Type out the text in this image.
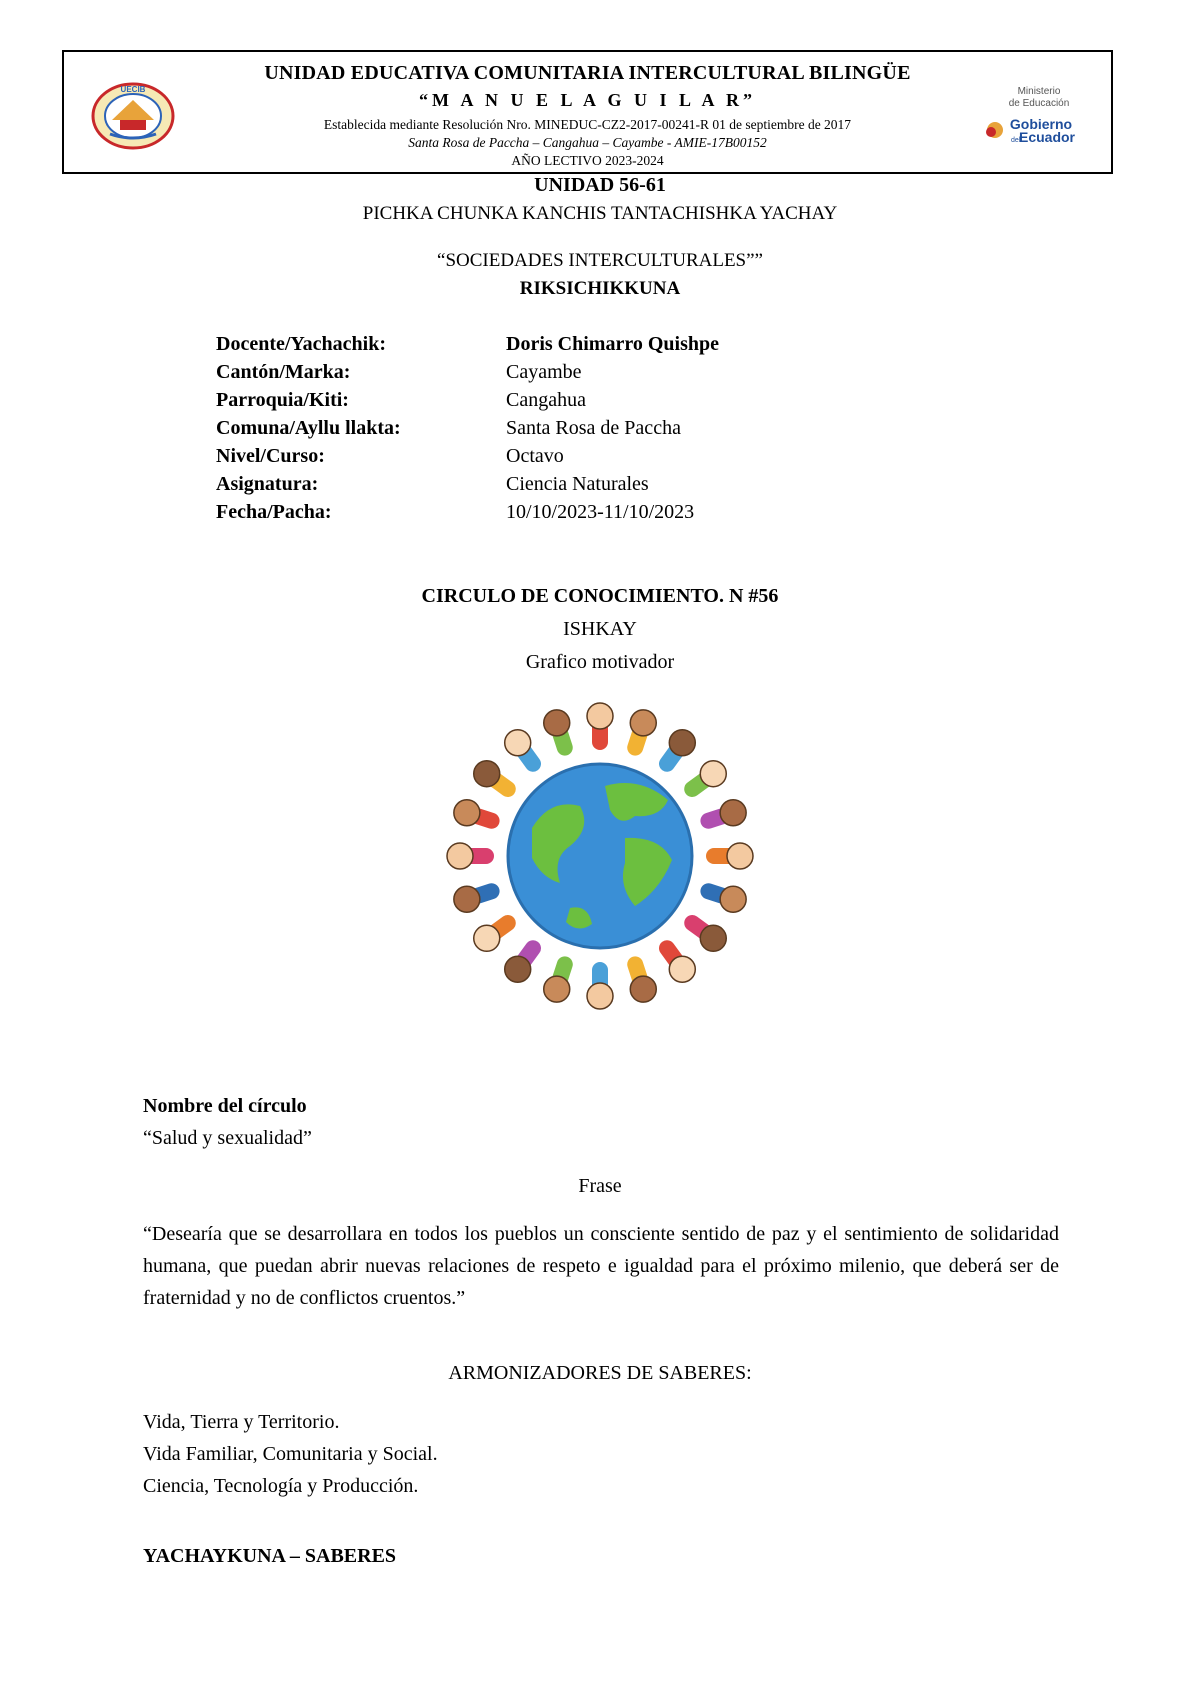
UECIB
UNIDAD EDUCATIVA COMUNITARIA INTERCULTURAL BILINGÜE
“M A N U E L A G U I L A R”
Establecida mediante Resolución Nro. MINEDUC-CZ2-2017-00241-R 01 de septiembre de 2017
Santa Rosa de Paccha – Cangahua – Cayambe - AMIE-17B00152
AÑO LECTIVO 2023-2024
Ministerio
de Educación
Gobierno
del
Ecuador
UNIDAD 56-61
PICHKA CHUNKA KANCHIS TANTACHISHKA YACHAY
“SOCIEDADES INTERCULTURALES””
RIKSICHIKKUNA
Docente/Yachachik:	Doris Chimarro Quishpe
Cantón/Marka:	Cayambe
Parroquia/Kiti:	Cangahua
Comuna/Ayllu llakta:	Santa Rosa de Paccha
Nivel/Curso:	Octavo
Asignatura:	Ciencia Naturales
Fecha/Pacha:	10/10/2023-11/10/2023
CIRCULO DE CONOCIMIENTO. N #56
ISHKAY
Grafico motivador
Nombre del círculo
“Salud y sexualidad”
Frase
“Desearía que se desarrollara en todos los pueblos un consciente sentido de paz y el sentimiento de solidaridad humana, que puedan abrir nuevas relaciones de respeto e igualdad para el próximo milenio, que deberá ser de fraternidad y no de conflictos cruentos.”
ARMONIZADORES DE SABERES:
Vida, Tierra y Territorio.
Vida Familiar, Comunitaria y Social.
Ciencia, Tecnología y Producción.
YACHAYKUNA – SABERES
